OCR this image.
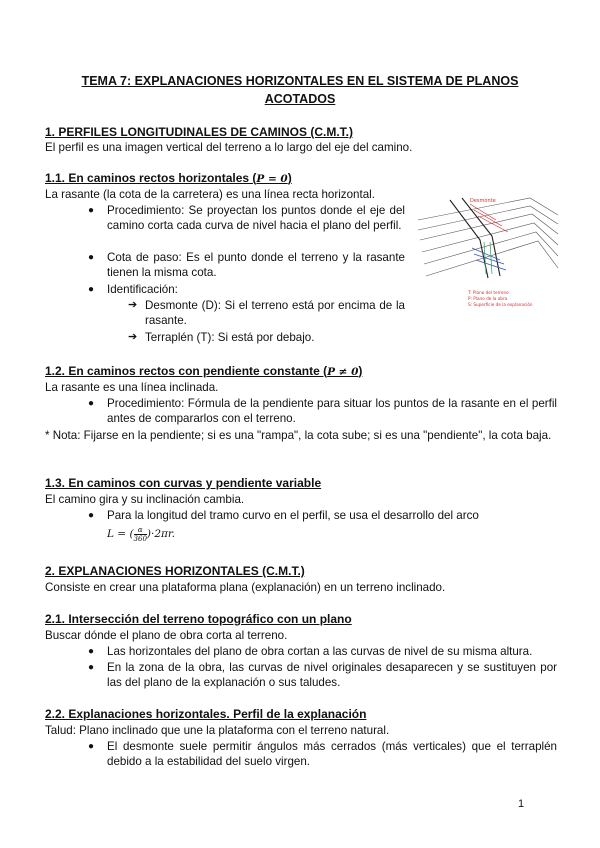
TEMA 7: EXPLANACIONES HORIZONTALES EN EL SISTEMA DE PLANOS ACOTADOS
1. PERFILES LONGITUDINALES DE CAMINOS (C.M.T.)
El perfil es una imagen vertical del terreno a lo largo del eje del camino.
1.1. En caminos rectos horizontales (P = 0)
La rasante (la cota de la carretera) es una línea recta horizontal.
● Procedimiento: Se proyectan los puntos donde el eje del camino corta cada curva de nivel hacia el plano del perfil.
● Cota de paso: Es el punto donde el terreno y la rasante tienen la misma cota.
● Identificación:
➔ Desmonte (D): Si el terreno está por encima de la rasante.
➔ Terraplén (T): Si está por debajo.
Desmonte
T: Plano del terreno
P: Plano de la obra
S: Superficie de la explanación
1.2. En caminos rectos con pendiente constante (P ≠ 0)
La rasante es una línea inclinada.
● Procedimiento: Fórmula de la pendiente para situar los puntos de la rasante en el perfil antes de compararlos con el terreno.
* Nota: Fijarse en la pendiente; si es una "rampa", la cota sube; si es una "pendiente", la cota baja.
1.3. En caminos con curvas y pendiente variable
El camino gira y su inclinación cambia.
● Para la longitud del tramo curvo en el perfil, se usa el desarrollo del arco
L = ( $\frac{\alpha}{360} )\cdot 2\pi r$.
2. EXPLANACIONES HORIZONTALES (C.M.T.)
Consiste en crear una plataforma plana (explanación) en un terreno inclinado.
2.1. Intersección del terreno topográfico con un plano
Buscar dónde el plano de obra corta al terreno.
● Las horizontales del plano de obra cortan a las curvas de nivel de su misma altura.
● En la zona de la obra, las curvas de nivel originales desaparecen y se sustituyen por las del plano de la explanación o sus taludes.
2.2. Explanaciones horizontales. Perfil de la explanación
Talud: Plano inclinado que une la plataforma con el terreno natural.
● El desmonte suele permitir ángulos más cerrados (más verticales) que el terraplén debido a la estabilidad del suelo virgen.
1
